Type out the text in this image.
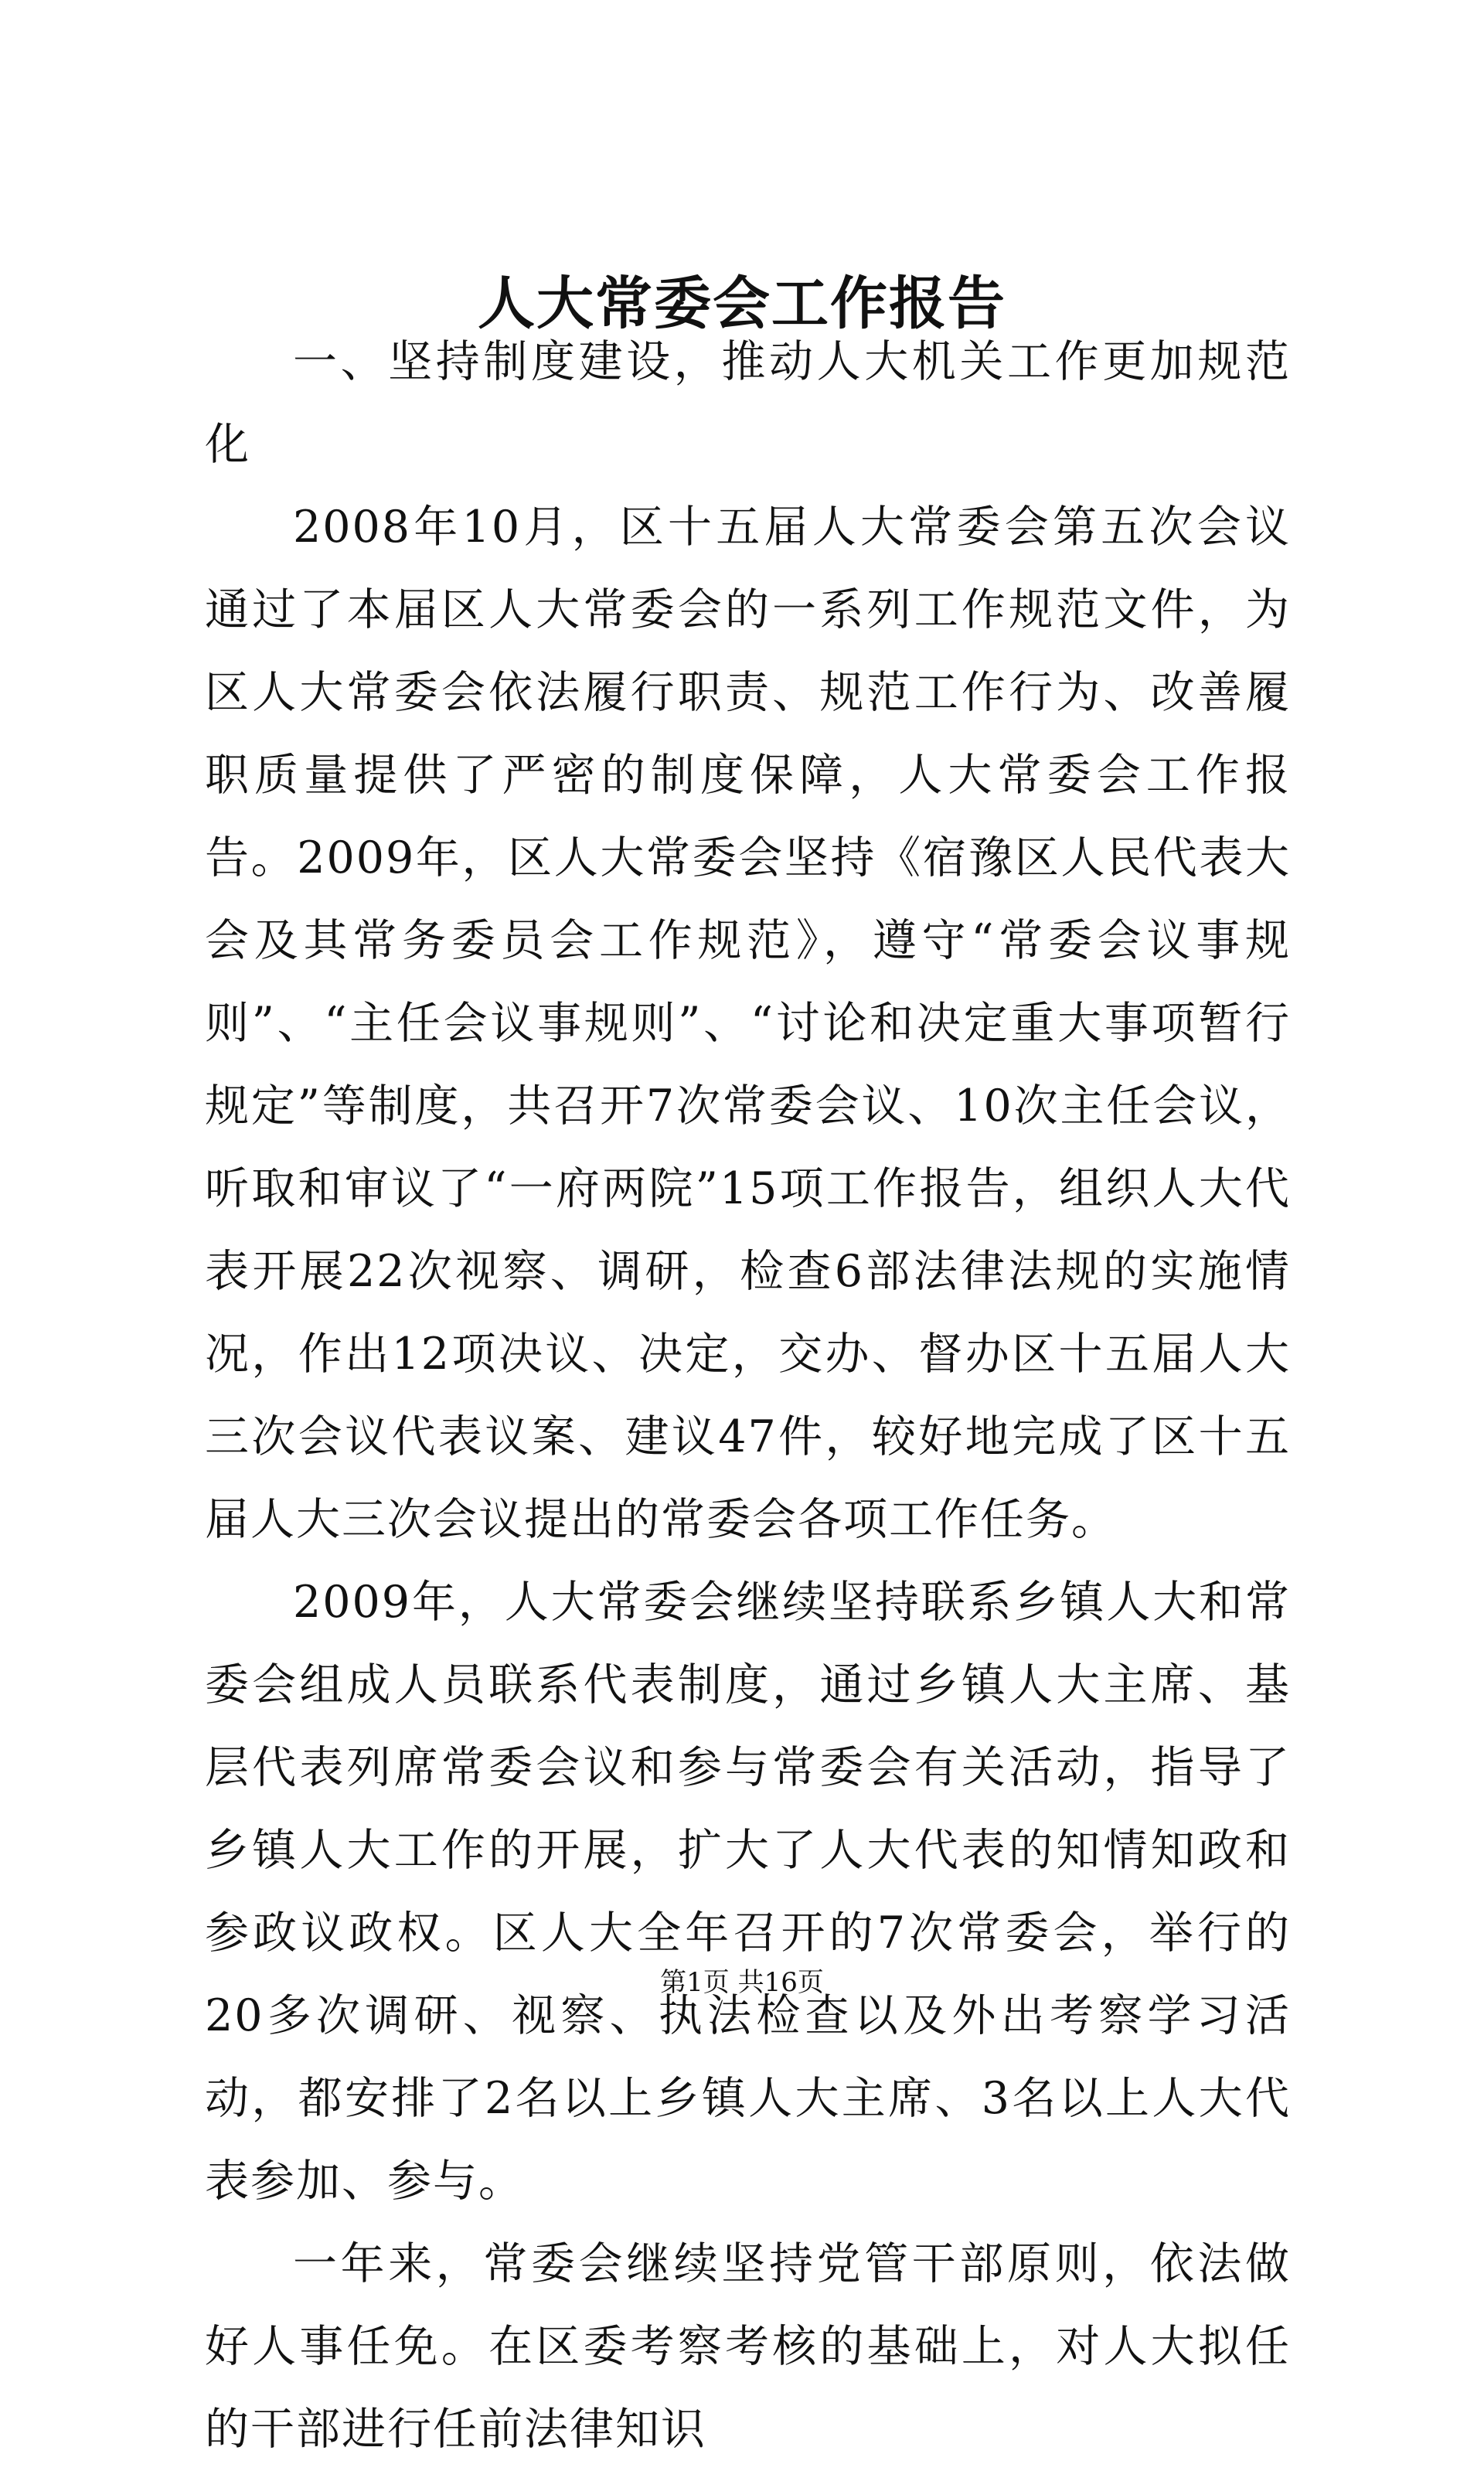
人大常委会工作报告

一、坚持制度建设，推动人大机关工作更加规范化

2008年10月，区十五届人大常委会第五次会议通过了本届区人大常委会的一系列工作规范文件，为区人大常委会依法履行职责、规范工作行为、改善履职质量提供了严密的制度保障，人大常委会工作报告。2009年，区人大常委会坚持《宿豫区人民代表大会及其常务委员会工作规范》，遵守“常委会议事规则”、“主任会议事规则”、“讨论和决定重大事项暂行规定”等制度，共召开7次常委会议、10次主任会议，听取和审议了“一府两院”15项工作报告，组织人大代表开展22次视察、调研，检查6部法律法规的实施情况，作出12项决议、决定，交办、督办区十五届人大三次会议代表议案、建议47件，较好地完成了区十五届人大三次会议提出的常委会各项工作任务。

2009年，人大常委会继续坚持联系乡镇人大和常委会组成人员联系代表制度，通过乡镇人大主席、基层代表列席常委会议和参与常委会有关活动，指导了乡镇人大工作的开展，扩大了人大代表的知情知政和参政议政权。区人大全年召开的7次常委会，举行的20多次调研、视察、执法检查以及外出考察学习活动，都安排了2名以上乡镇人大主席、3名以上人大代表参加、参与。

一年来，常委会继续坚持党管干部原则，依法做好人事任免。在区委考察考核的基础上，对人大拟任的干部进行任前法律知识

第1页 共16页
